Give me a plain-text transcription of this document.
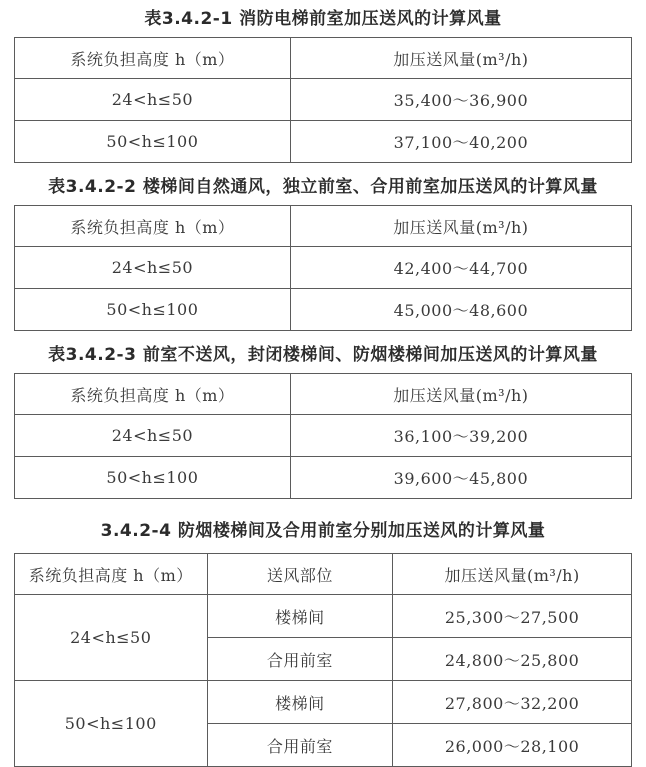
表3.4.2-1 消防电梯前室加压送风的计算风量
系统负担高度 h（m）	加压送风量(m³/h)
24<h≤50	35,400～36,900
50<h≤100	37,100～40,200
表3.4.2-2 楼梯间自然通风，独立前室、合用前室加压送风的计算风量
系统负担高度 h（m）	加压送风量(m³/h)
24<h≤50	42,400～44,700
50<h≤100	45,000～48,600
表3.4.2-3 前室不送风，封闭楼梯间、防烟楼梯间加压送风的计算风量
系统负担高度 h（m）	加压送风量(m³/h)
24<h≤50	36,100～39,200
50<h≤100	39,600～45,800
3.4.2-4 防烟楼梯间及合用前室分别加压送风的计算风量
系统负担高度 h（m）	送风部位	加压送风量(m³/h)
24<h≤50	楼梯间	25,300～27,500
	合用前室	24,800～25,800
50<h≤100	楼梯间	27,800～32,200
	合用前室	26,000～28,100
